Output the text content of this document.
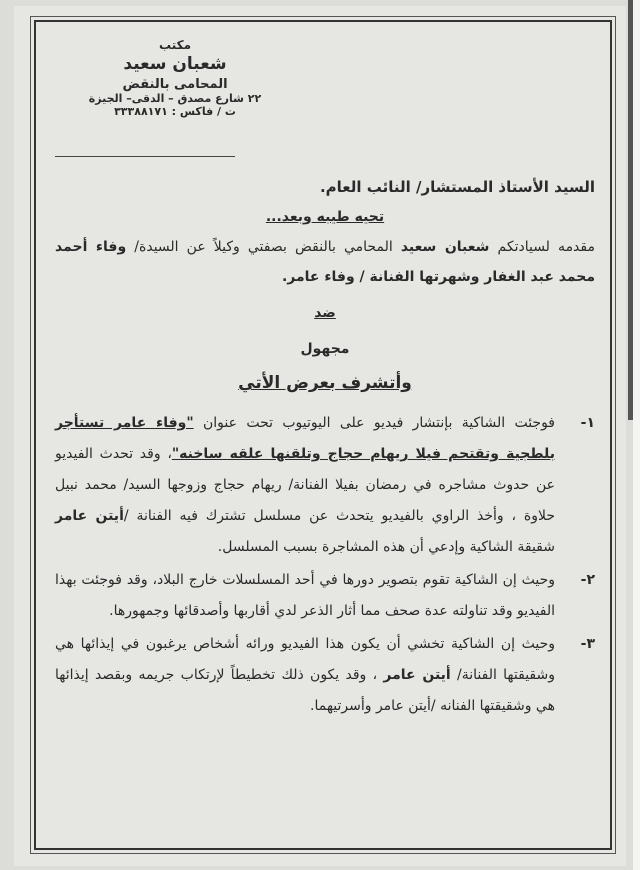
مكتب
شعبان سعيد
المحامى بالنقض
٢٢ شارع مصدق – الدقى– الجيزة
ت / فاكس : ٣٣٣٨٨١٧١
السيد الأستاذ المستشار/ النائب العام.
تحيه طيبه وبعد...
مقدمه لسيادتكم شعبان سعيد المحامي بالنقض بصفتي وكيلاً عن السيدة/ وفاء أحمد محمد عبد الغفار وشهرتها الفنانة / وفاء عامر.
ضد
مجهول
وأتشرف بعرض الأتي
١-
فوجئت الشاكية بإنتشار فيديو على اليوتيوب تحت عنوان "وفاء عامر تستأجر بلطجية وتقتحم فيلا ريهام حجاج وتلقنها علقه ساخنه"، وقد تحدث الفيديو عن حدوث مشاجره في رمضان بفيلا الفنانة/ ريهام حجاج وزوجها السيد/ محمد نبيل حلاوة ، وأخذ الراوي بالفيديو يتحدث عن مسلسل تشترك فيه الفنانة /أيتن عامر شقيقة الشاكية وإدعي أن هذه المشاجرة بسبب المسلسل.
٢-
وحيث إن الشاكية تقوم بتصوير دورها في أحد المسلسلات خارج البلاد، وقد فوجئت بهذا الفيديو وقد تناولته عدة صحف مما أثار الذعر لدي أقاربها وأصدقائها وجمهورها.
٣-
وحيث إن الشاكية تخشي أن يكون هذا الفيديو ورائه أشخاص يرغبون في إيذائها هي وشقيقتها الفنانة/ أيتن عامر ، وقد يكون ذلك تخطيطاً لإرتكاب جريمه وبقصد إيذائها هي وشقيقتها الفنانه /أيتن عامر وأسرتيهما.
